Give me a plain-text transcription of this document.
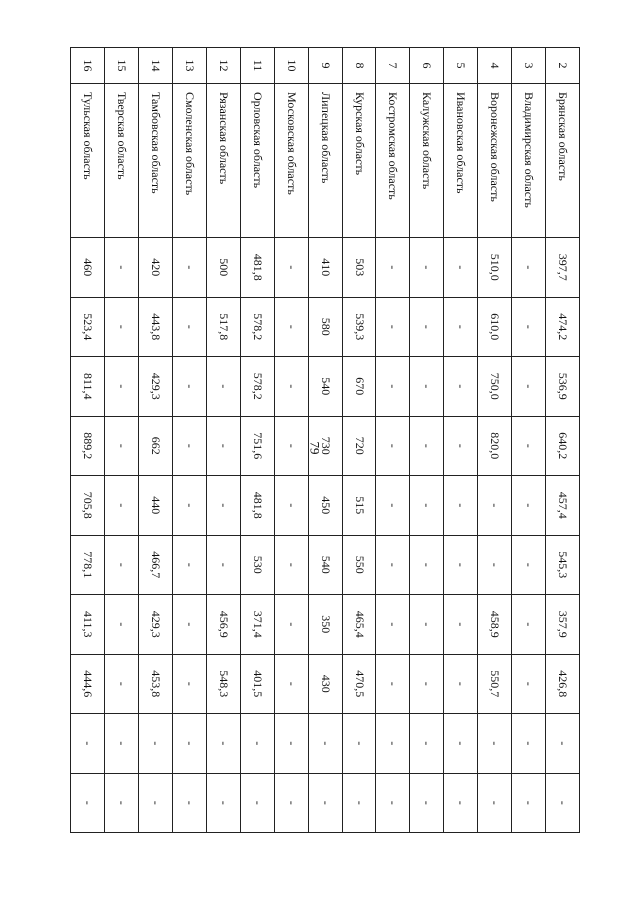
79
2	Брянская область	397,7	474,2	536,9	640,2	457,4	545,3	357,9	426,8	-	-
3	Владимирская область	-	-	-	-	-	-	-	-	-	-
4	Воронежская область	510,0	610,0	750,0	820,0	-	-	458,9	550,7	-	-
5	Ивановская область	-	-	-	-	-	-	-	-	-	-
6	Калужская область	-	-	-	-	-	-	-	-	-	-
7	Костромская область	-	-	-	-	-	-	-	-	-	-
8	Курская область	503	539,3	670	720	515	550	465,4	470,5	-	-
9	Липецкая область	410	580	540	730	450	540	350	430	-	-
10	Московская область	-	-	-	-	-	-	-	-	-	-
11	Орловская область	481,8	578,2	578,2	751,6	481,8	530	371,4	401,5	-	-
12	Рязанская область	500	517,8	-	-	-	-	456,9	548,3	-	-
13	Смоленская область	-	-	-	-	-	-	-	-	-	-
14	Тамбовская область	420	443,8	429,3	662	440	466,7	429,3	453,8	-	-
15	Тверская область	-	-	-	-	-	-	-	-	-	-
16	Тульская область	460	523,4	811,4	889,2	705,8	778,1	411,3	444,6	-	-
